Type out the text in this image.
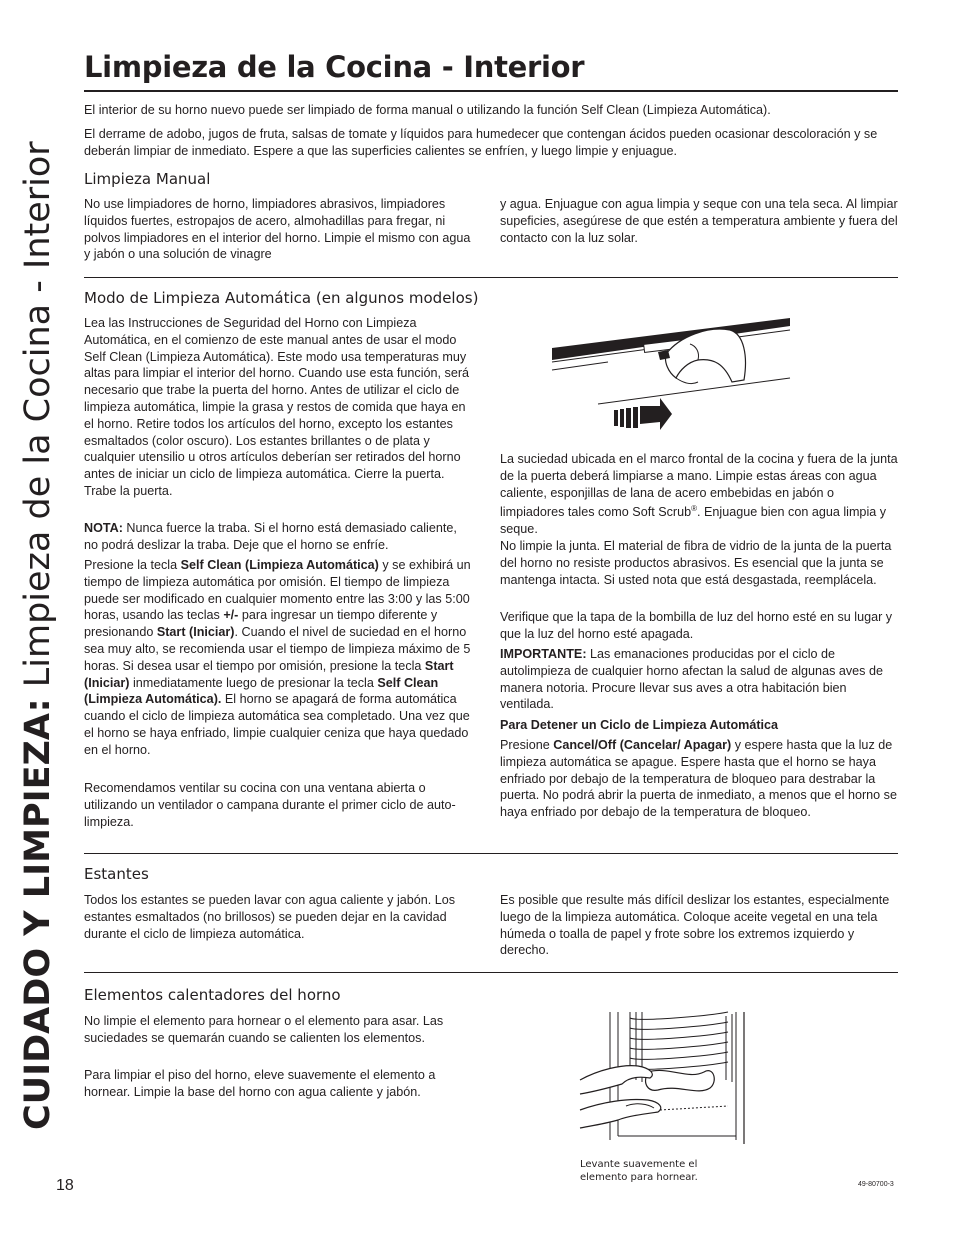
CUIDADO Y LIMPIEZA: Limpieza de la Cocina - Interior
Limpieza de la Cocina - Interior

El interior de su horno nuevo puede ser limpiado de forma manual o utilizando la función Self Clean (Limpieza Automática).

El derrame de adobo, jugos de fruta, salsas de tomate y líquidos para humedecer que contengan ácidos pueden ocasionar descoloración y se deberán limpiar de inmediato. Espere a que las superficies calientes se enfríen, y luego limpie y enjuague.

Limpieza Manual

No use limpiadores de horno, limpiadores abrasivos, limpiadores líquidos fuertes, estropajos de acero, almohadillas para fregar, ni polvos limpiadores en el interior del horno. Limpie el mismo con agua y jabón o una solución de vinagre

y agua. Enjuague con agua limpia y seque con una tela seca. Al limpiar supeficies, asegúrese de que estén a temperatura ambiente y fuera del contacto con la luz solar.

Modo de Limpieza Automática (en algunos modelos)

Lea las Instrucciones de Seguridad del Horno con Limpieza Automática, en el comienzo de este manual antes de usar el modo Self Clean (Limpieza Automática). Este modo usa temperaturas muy altas para limpiar el interior del horno. Cuando use esta función, será necesario que trabe la puerta del horno. Antes de utilizar el ciclo de limpieza automática, limpie la grasa y restos de comida que haya en el horno. Retire todos los artículos del horno, excepto los estantes esmaltados (color oscuro). Los estantes brillantes o de plata y cualquier utensilio u otros artículos deberían ser retirados del horno antes de iniciar un ciclo de limpieza automática. Cierre la puerta. Trabe la puerta.

NOTA: Nunca fuerce la traba. Si el horno está demasiado caliente, no podrá deslizar la traba. Deje que el horno se enfríe.

Presione la tecla Self Clean (Limpieza Automática) y se exhibirá un tiempo de limpieza automática por omisión. El tiempo de limpieza puede ser modificado en cualquier momento entre las 3:00 y las 5:00 horas, usando las teclas +/- para ingresar un tiempo diferente y presionando Start (Iniciar). Cuando el nivel de suciedad en el horno sea muy alto, se recomienda usar el tiempo de limpieza máximo de 5 horas. Si desea usar el tiempo por omisión, presione la tecla Start (Iniciar) inmediatamente luego de presionar la tecla Self Clean (Limpieza Automática). El horno se apagará de forma automática cuando el ciclo de limpieza automática sea completado. Una vez que el horno se haya enfriado, limpie cualquier ceniza que haya quedado en el horno.

Recomendamos ventilar su cocina con una ventana abierta o utilizando un ventilador o campana durante el primer ciclo de auto-limpieza.

La suciedad ubicada en el marco frontal de la cocina y fuera de la junta de la puerta deberá limpiarse a mano. Limpie estas áreas con agua caliente, esponjillas de lana de acero embebidas en jabón o limpiadores tales como Soft Scrub®. Enjuague bien con agua limpia y seque.

No limpie la junta. El material de fibra de vidrio de la junta de la puerta del horno no resiste productos abrasivos. Es esencial que la junta se mantenga intacta. Si usted nota que está desgastada, reemplácela.

Verifique que la tapa de la bombilla de luz del horno esté en su lugar y que la luz del horno esté apagada.

IMPORTANTE: Las emanaciones producidas por el ciclo de autolimpieza de cualquier horno afectan la salud de algunas aves de manera notoria. Procure llevar sus aves a otra habitación bien ventilada.

Para Detener un Ciclo de Limpieza Automática

Presione Cancel/Off (Cancelar/ Apagar) y espere hasta que la luz de limpieza automática se apague. Espere hasta que el horno se haya enfriado por debajo de la temperatura de bloqueo para destrabar la puerta. No podrá abrir la puerta de inmediato, a menos que el horno se haya enfriado por debajo de la temperatura de bloqueo.

Estantes

Todos los estantes se pueden lavar con agua caliente y jabón. Los estantes esmaltados (no brillosos) se pueden dejar en la cavidad durante el ciclo de limpieza automática.

Es posible que resulte más difícil deslizar los estantes, especialmente luego de la limpieza automática. Coloque aceite vegetal en una tela húmeda o toalla de papel y frote sobre los extremos izquierdo y derecho.

Elementos calentadores del horno

No limpie el elemento para hornear o el elemento para asar. Las suciedades se quemarán cuando se calienten los elementos.

Para limpiar el piso del horno, eleve suavemente el elemento a hornear. Limpie la base del horno con agua caliente y jabón.

Levante suavemente el elemento para hornear.

18	49-80700-3
